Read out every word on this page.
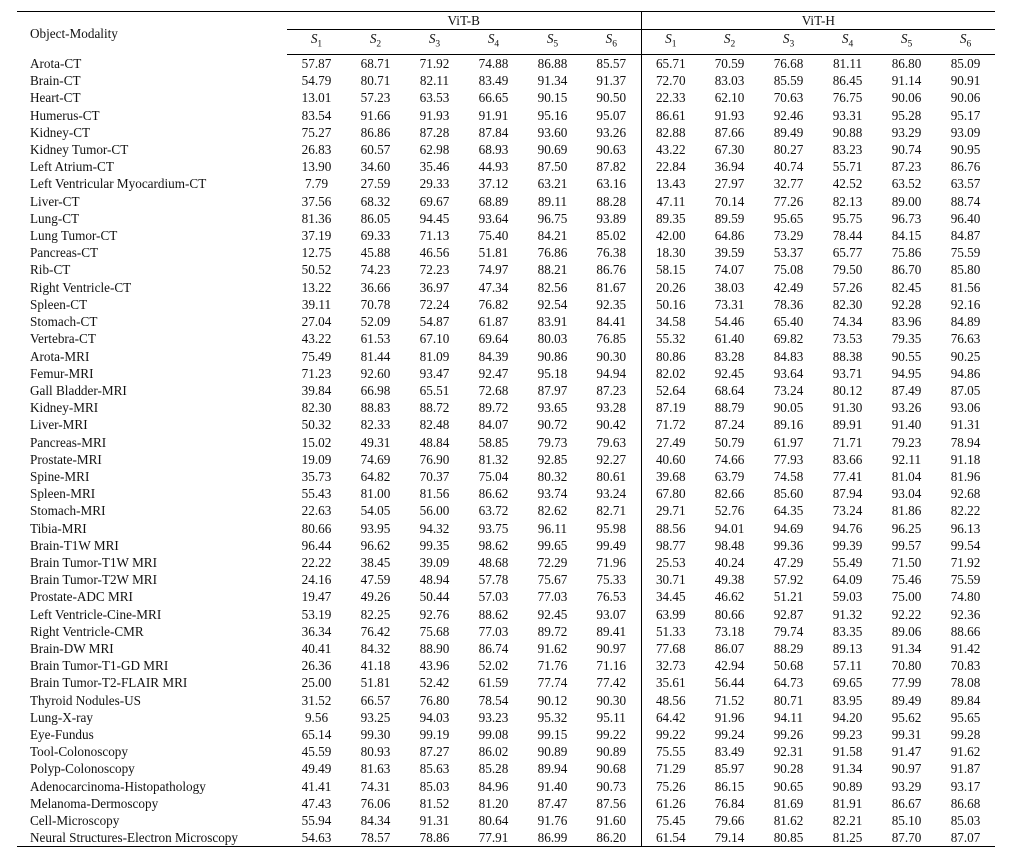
Object-Modality	ViT-B						ViT-H					
	$S_1$	$S_2$	$S_3$	$S_4$	$S_5$	$S_6$	$S_1$	$S_2$	$S_3$	$S_4$	$S_5$	$S_6$
Arota-CT	57.87	68.71	71.92	74.88	86.88	85.57	65.71	70.59	76.68	81.11	86.80	85.09
Brain-CT	54.79	80.71	82.11	83.49	91.34	91.37	72.70	83.03	85.59	86.45	91.14	90.91
Heart-CT	13.01	57.23	63.53	66.65	90.15	90.50	22.33	62.10	70.63	76.75	90.06	90.06
Humerus-CT	83.54	91.66	91.93	91.91	95.16	95.07	86.61	91.93	92.46	93.31	95.28	95.17
Kidney-CT	75.27	86.86	87.28	87.84	93.60	93.26	82.88	87.66	89.49	90.88	93.29	93.09
Kidney Tumor-CT	26.83	60.57	62.98	68.93	90.69	90.63	43.22	67.30	80.27	83.23	90.74	90.95
Left Atrium-CT	13.90	34.60	35.46	44.93	87.50	87.82	22.84	36.94	40.74	55.71	87.23	86.76
Left Ventricular Myocardium-CT	7.79	27.59	29.33	37.12	63.21	63.16	13.43	27.97	32.77	42.52	63.52	63.57
Liver-CT	37.56	68.32	69.67	68.89	89.11	88.28	47.11	70.14	77.26	82.13	89.00	88.74
Lung-CT	81.36	86.05	94.45	93.64	96.75	93.89	89.35	89.59	95.65	95.75	96.73	96.40
Lung Tumor-CT	37.19	69.33	71.13	75.40	84.21	85.02	42.00	64.86	73.29	78.44	84.15	84.87
Pancreas-CT	12.75	45.88	46.56	51.81	76.86	76.38	18.30	39.59	53.37	65.77	75.86	75.59
Rib-CT	50.52	74.23	72.23	74.97	88.21	86.76	58.15	74.07	75.08	79.50	86.70	85.80
Right Ventricle-CT	13.22	36.66	36.97	47.34	82.56	81.67	20.26	38.03	42.49	57.26	82.45	81.56
Spleen-CT	39.11	70.78	72.24	76.82	92.54	92.35	50.16	73.31	78.36	82.30	92.28	92.16
Stomach-CT	27.04	52.09	54.87	61.87	83.91	84.41	34.58	54.46	65.40	74.34	83.96	84.89
Vertebra-CT	43.22	61.53	67.10	69.64	80.03	76.85	55.32	61.40	69.82	73.53	79.35	76.63
Arota-MRI	75.49	81.44	81.09	84.39	90.86	90.30	80.86	83.28	84.83	88.38	90.55	90.25
Femur-MRI	71.23	92.60	93.47	92.47	95.18	94.94	82.02	92.45	93.64	93.71	94.95	94.86
Gall Bladder-MRI	39.84	66.98	65.51	72.68	87.97	87.23	52.64	68.64	73.24	80.12	87.49	87.05
Kidney-MRI	82.30	88.83	88.72	89.72	93.65	93.28	87.19	88.79	90.05	91.30	93.26	93.06
Liver-MRI	50.32	82.33	82.48	84.07	90.72	90.42	71.72	87.24	89.16	89.91	91.40	91.31
Pancreas-MRI	15.02	49.31	48.84	58.85	79.73	79.63	27.49	50.79	61.97	71.71	79.23	78.94
Prostate-MRI	19.09	74.69	76.90	81.32	92.85	92.27	40.60	74.66	77.93	83.66	92.11	91.18
Spine-MRI	35.73	64.82	70.37	75.04	80.32	80.61	39.68	63.79	74.58	77.41	81.04	81.96
Spleen-MRI	55.43	81.00	81.56	86.62	93.74	93.24	67.80	82.66	85.60	87.94	93.04	92.68
Stomach-MRI	22.63	54.05	56.00	63.72	82.62	82.71	29.71	52.76	64.35	73.24	81.86	82.22
Tibia-MRI	80.66	93.95	94.32	93.75	96.11	95.98	88.56	94.01	94.69	94.76	96.25	96.13
Brain-T1W MRI	96.44	96.62	99.35	98.62	99.65	99.49	98.77	98.48	99.36	99.39	99.57	99.54
Brain Tumor-T1W MRI	22.22	38.45	39.09	48.68	72.29	71.96	25.53	40.24	47.29	55.49	71.50	71.92
Brain Tumor-T2W MRI	24.16	47.59	48.94	57.78	75.67	75.33	30.71	49.38	57.92	64.09	75.46	75.59
Prostate-ADC MRI	19.47	49.26	50.44	57.03	77.03	76.53	34.45	46.62	51.21	59.03	75.00	74.80
Left Ventricle-Cine-MRI	53.19	82.25	92.76	88.62	92.45	93.07	63.99	80.66	92.87	91.32	92.22	92.36
Right Ventricle-CMR	36.34	76.42	75.68	77.03	89.72	89.41	51.33	73.18	79.74	83.35	89.06	88.66
Brain-DW MRI	40.41	84.32	88.90	86.74	91.62	90.97	77.68	86.07	88.29	89.13	91.34	91.42
Brain Tumor-T1-GD MRI	26.36	41.18	43.96	52.02	71.76	71.16	32.73	42.94	50.68	57.11	70.80	70.83
Brain Tumor-T2-FLAIR MRI	25.00	51.81	52.42	61.59	77.74	77.42	35.61	56.44	64.73	69.65	77.99	78.08
Thyroid Nodules-US	31.52	66.57	76.80	78.54	90.12	90.30	48.56	71.52	80.71	83.95	89.49	89.84
Lung-X-ray	9.56	93.25	94.03	93.23	95.32	95.11	64.42	91.96	94.11	94.20	95.62	95.65
Eye-Fundus	65.14	99.30	99.19	99.08	99.15	99.22	99.22	99.24	99.26	99.23	99.31	99.28
Tool-Colonoscopy	45.59	80.93	87.27	86.02	90.89	90.89	75.55	83.49	92.31	91.58	91.47	91.62
Polyp-Colonoscopy	49.49	81.63	85.63	85.28	89.94	90.68	71.29	85.97	90.28	91.34	90.97	91.87
Adenocarcinoma-Histopathology	41.41	74.31	85.03	84.96	91.40	90.73	75.26	86.15	90.65	90.89	93.29	93.17
Melanoma-Dermoscopy	47.43	76.06	81.52	81.20	87.47	87.56	61.26	76.84	81.69	81.91	86.67	86.68
Cell-Microscopy	55.94	84.34	91.31	80.64	91.76	91.60	75.45	79.66	81.62	82.21	85.10	85.03
Neural Structures-Electron Microscopy	54.63	78.57	78.86	77.91	86.99	86.20	61.54	79.14	80.85	81.25	87.70	87.07
